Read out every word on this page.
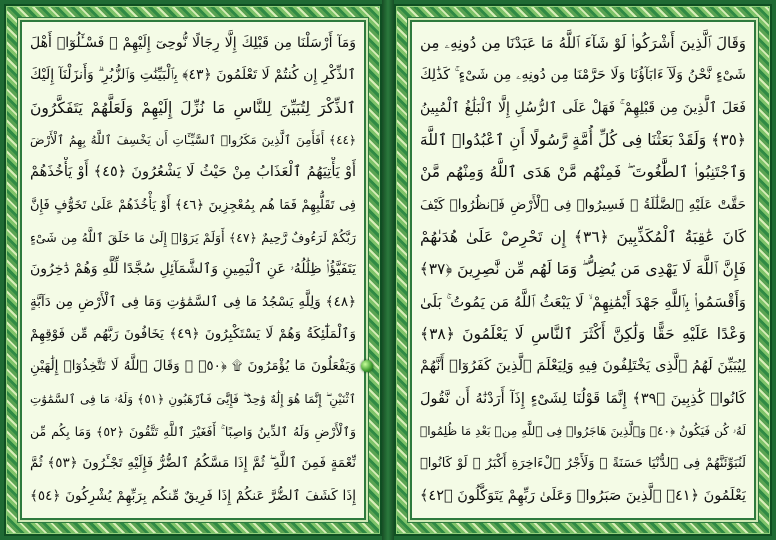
وَمَآ أَرْسَلْنَا مِن قَبْلِكَ إِلَّا رِجَالًا نُّوحِىٓ إِلَيْهِمْ ۚ فَسْـَٔلُوٓا۟ أَهْلَ
ٱلذِّكْرِ إِن كُنتُمْ لَا تَعْلَمُونَ ﴿٤٣﴾ بِٱلْبَيِّنَٰتِ وَٱلزُّبُرِ ۗ وَأَنزَلْنَآ إِلَيْكَ
ٱلذِّكْرَ لِتُبَيِّنَ لِلنَّاسِ مَا نُزِّلَ إِلَيْهِمْ وَلَعَلَّهُمْ يَتَفَكَّرُونَ
﴿٤٤﴾ أَفَأَمِنَ ٱلَّذِينَ مَكَرُوا۟ ٱلسَّيِّـَٔاتِ أَن يَخْسِفَ ٱللَّهُ بِهِمُ ٱلْأَرْضَ
أَوْ يَأْتِيَهُمُ ٱلْعَذَابُ مِنْ حَيْثُ لَا يَشْعُرُونَ ﴿٤٥﴾ أَوْ يَأْخُذَهُمْ
فِى تَقَلُّبِهِمْ فَمَا هُم بِمُعْجِزِينَ ﴿٤٦﴾ أَوْ يَأْخُذَهُمْ عَلَىٰ تَخَوُّفٍ فَإِنَّ
رَبَّكُمْ لَرَءُوفٌ رَّحِيمٌ ﴿٤٧﴾ أَوَلَمْ يَرَوْا۟ إِلَىٰ مَا خَلَقَ ٱللَّهُ مِن شَىْءٍ
يَتَفَيَّؤُا۟ ظِلَٰلُهُۥ عَنِ ٱلْيَمِينِ وَٱلشَّمَآئِلِ سُجَّدًا لِّلَّهِ وَهُمْ دَٰخِرُونَ
﴿٤٨﴾ وَلِلَّهِ يَسْجُدُ مَا فِى ٱلسَّمَٰوَٰتِ وَمَا فِى ٱلْأَرْضِ مِن دَآبَّةٍ
وَٱلْمَلَٰٓئِكَةُ وَهُمْ لَا يَسْتَكْبِرُونَ ﴿٤٩﴾ يَخَافُونَ رَبَّهُم مِّن فَوْقِهِمْ
وَيَفْعَلُونَ مَا يُؤْمَرُونَ ۩ ﴿٥٠﴾ ۞ وَقَالَ ٱللَّهُ لَا تَتَّخِذُوٓا۟ إِلَٰهَيْنِ
ٱثْنَيْنِ ۖ إِنَّمَا هُوَ إِلَٰهٌ وَٰحِدٌ ۖ فَإِيَّٰىَ فَٱرْهَبُونِ ﴿٥١﴾ وَلَهُۥ مَا فِى ٱلسَّمَٰوَٰتِ
وَٱلْأَرْضِ وَلَهُ ٱلدِّينُ وَاصِبًا ۚ أَفَغَيْرَ ٱللَّهِ تَتَّقُونَ ﴿٥٢﴾ وَمَا بِكُم مِّن
نِّعْمَةٍ فَمِنَ ٱللَّهِ ۖ ثُمَّ إِذَا مَسَّكُمُ ٱلضُّرُّ فَإِلَيْهِ تَجْـَٔرُونَ ﴿٥٣﴾ ثُمَّ
إِذَا كَشَفَ ٱلضُّرَّ عَنكُمْ إِذَا فَرِيقٌ مِّنكُم بِرَبِّهِمْ يُشْرِكُونَ ﴿٥٤﴾
وَقَالَ ٱلَّذِينَ أَشْرَكُوا۟ لَوْ شَآءَ ٱللَّهُ مَا عَبَدْنَا مِن دُونِهِۦ مِن
شَىْءٍ نَّحْنُ وَلَآ ءَابَآؤُنَا وَلَا حَرَّمْنَا مِن دُونِهِۦ مِن شَىْءٍ ۚ كَذَٰلِكَ
فَعَلَ ٱلَّذِينَ مِن قَبْلِهِمْ ۚ فَهَلْ عَلَى ٱلرُّسُلِ إِلَّا ٱلْبَلَٰغُ ٱلْمُبِينُ
﴿٣٥﴾ وَلَقَدْ بَعَثْنَا فِى كُلِّ أُمَّةٍ رَّسُولًا أَنِ ٱعْبُدُوا۟ ٱللَّهَ
وَٱجْتَنِبُوا۟ ٱلطَّٰغُوتَ ۖ فَمِنْهُم مَّنْ هَدَى ٱللَّهُ وَمِنْهُم مَّنْ
حَقَّتْ عَلَيْهِ ٱلضَّلَٰلَةُ ۚ فَسِيرُوا۟ فِى ٱلْأَرْضِ فَٱنظُرُوا۟ كَيْفَ
كَانَ عَٰقِبَةُ ٱلْمُكَذِّبِينَ ﴿٣٦﴾ إِن تَحْرِصْ عَلَىٰ هُدَىٰهُمْ
فَإِنَّ ٱللَّهَ لَا يَهْدِى مَن يُضِلُّ ۖ وَمَا لَهُم مِّن نَّٰصِرِينَ ﴿٣٧﴾
وَأَقْسَمُوا۟ بِٱللَّهِ جَهْدَ أَيْمَٰنِهِمْ ۙ لَا يَبْعَثُ ٱللَّهُ مَن يَمُوتُ ۚ بَلَىٰ
وَعْدًا عَلَيْهِ حَقًّا وَلَٰكِنَّ أَكْثَرَ ٱلنَّاسِ لَا يَعْلَمُونَ ﴿٣٨﴾
لِيُبَيِّنَ لَهُمُ ٱلَّذِى يَخْتَلِفُونَ فِيهِ وَلِيَعْلَمَ ٱلَّذِينَ كَفَرُوٓا۟ أَنَّهُمْ
كَانُوا۟ كَٰذِبِينَ ﴿٣٩﴾ إِنَّمَا قَوْلُنَا لِشَىْءٍ إِذَآ أَرَدْنَٰهُ أَن نَّقُولَ
لَهُۥ كُن فَيَكُونُ ﴿٤٠﴾ وَٱلَّذِينَ هَاجَرُوا۟ فِى ٱللَّهِ مِنۢ بَعْدِ مَا ظُلِمُوا۟
لَنُبَوِّئَنَّهُمْ فِى ٱلدُّنْيَا حَسَنَةً ۖ وَلَأَجْرُ ٱلْءَاخِرَةِ أَكْبَرُ ۚ لَوْ كَانُوا۟
يَعْلَمُونَ ﴿٤١﴾ ٱلَّذِينَ صَبَرُوا۟ وَعَلَىٰ رَبِّهِمْ يَتَوَكَّلُونَ ﴿٤٢﴾
